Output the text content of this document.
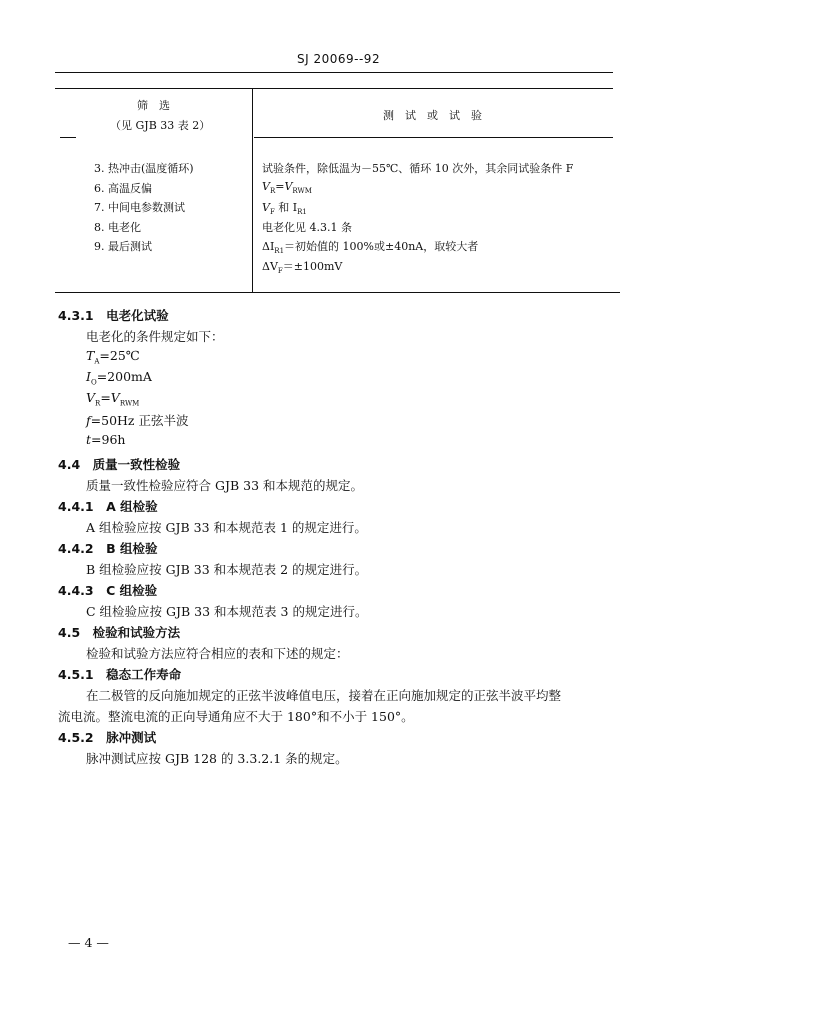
SJ 20069--92
筛　选
（见 GJB 33 表 2）
测　试　或　试　验
3. 热冲击(温度循环)
6. 高温反偏
7. 中间电参数测试
8. 电老化
9. 最后测试
试验条件，除低温为－55℃、循环 10 次外，其余同试验条件 F
$V_R=V_{RWM}$
$V_F$ 和 $I_{R1}$
电老化见 4.3.1 条
$\Delta I_{R1}=$初始值的 100%或±40nA，取较大者
$\Delta V_F=\pm 100mV$
4.3.1　 电老化试验
电老化的条件规定如下：
$T_A=25℃$
$I_O=200mA$
$V_R=V_{RWM}$
f=50Hz 正弦半波
t=96h
4.4　 质量一致性检验
质量一致性检验应符合 GJB 33 和本规范的规定。
4.4.1　 A 组检验
A 组检验应按 GJB 33 和本规范表 1 的规定进行。
4.4.2　 B 组检验
B 组检验应按 GJB 33 和本规范表 2 的规定进行。
4.4.3　 C 组检验
C 组检验应按 GJB 33 和本规范表 3 的规定进行。
4.5　 检验和试验方法
检验和试验方法应符合相应的表和下述的规定：
4.5.1　 稳态工作寿命
在二极管的反向施加规定的正弦半波峰值电压，接着在正向施加规定的正弦半波平均整
流电流。整流电流的正向导通角应不大于 180°和不小于 150°。
4.5.2　 脉冲测试
脉冲测试应按 GJB 128 的 3.3.2.1 条的规定。
— 4 —
